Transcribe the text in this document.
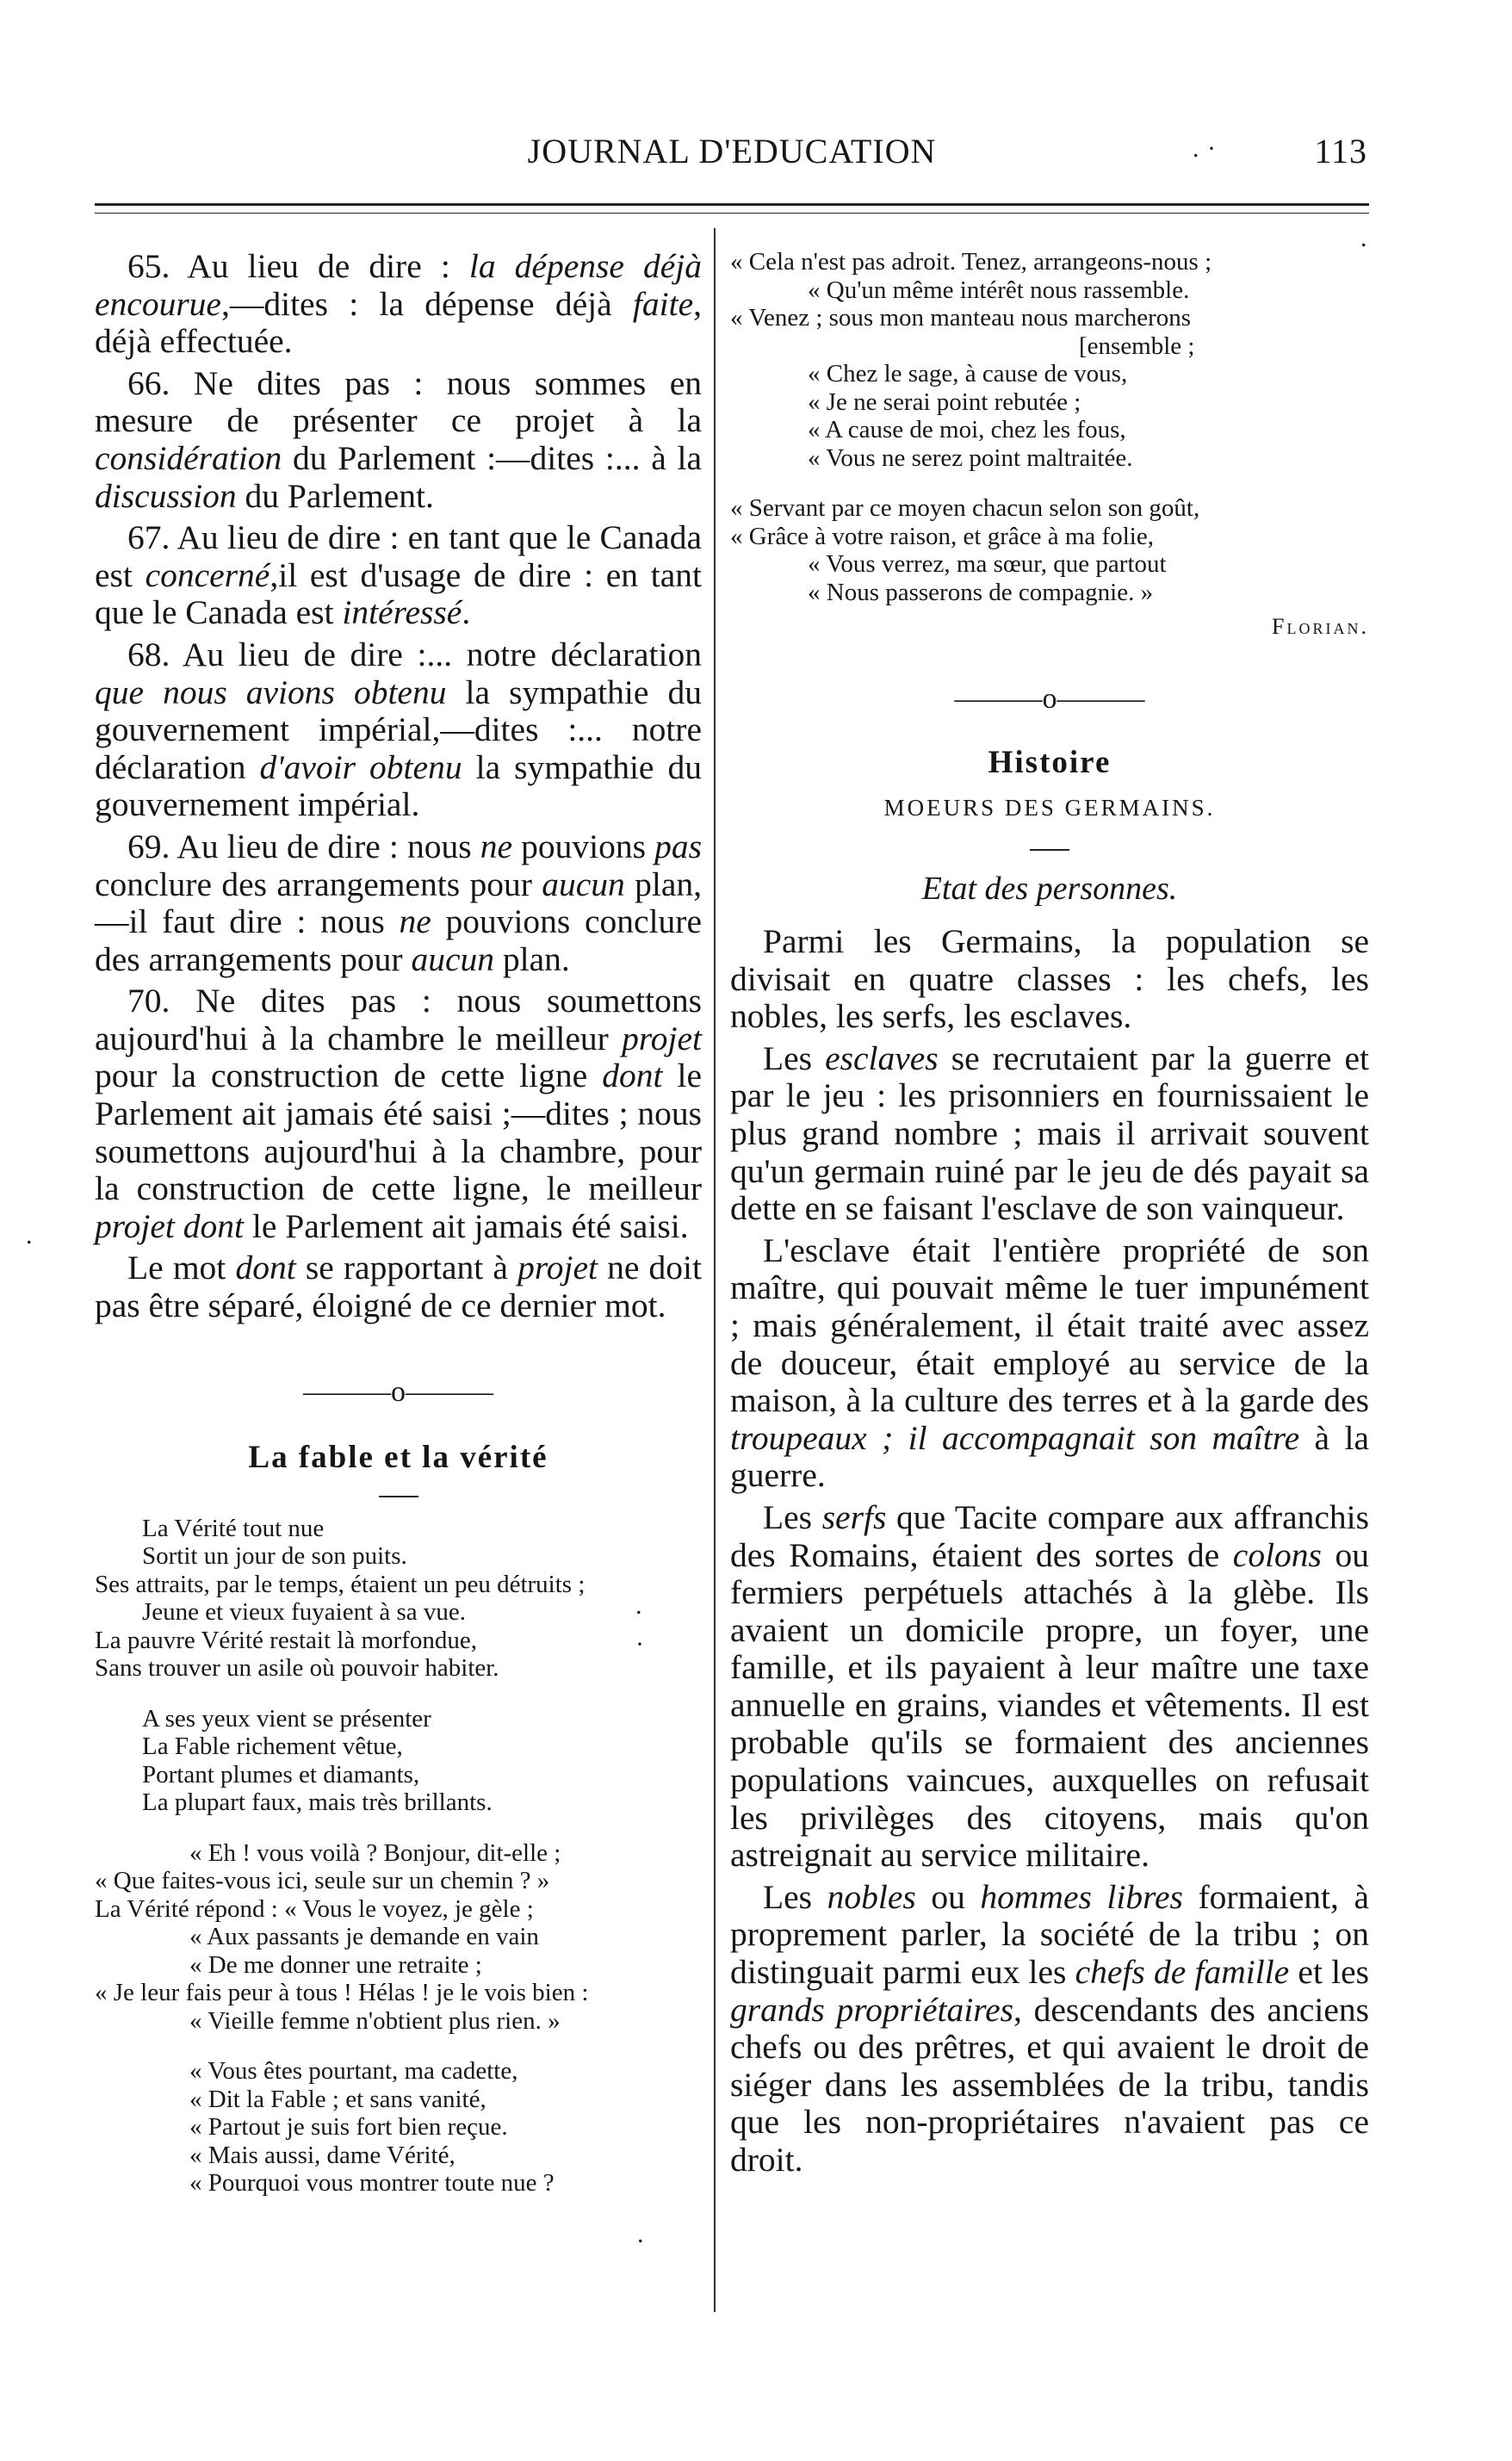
JOURNAL D'EDUCATION	113
. ·
.
.
·
.
.

65. Au lieu de dire : la dépense déjà encourue,—dites : la dépense déjà faite, déjà effectuée.

66. Ne dites pas : nous sommes en mesure de présenter ce projet à la considération du Parlement :—dites :... à la discussion du Parlement.

67. Au lieu de dire : en tant que le Canada est concerné,il est d'usage de dire : en tant que le Canada est intéressé.

68. Au lieu de dire :... notre déclaration que nous avions obtenu la sympathie du gouvernement impérial,—dites :... notre déclaration d'avoir obtenu la sympathie du gouvernement impérial.

69. Au lieu de dire : nous ne pouvions pas conclure des arrangements pour aucun plan,—il faut dire : nous ne pouvions conclure des arrangements pour aucun plan.

70. Ne dites pas : nous soumettons aujourd'hui à la chambre le meilleur projet pour la construction de cette ligne dont le Parlement ait jamais été saisi ;—dites ; nous soumettons aujourd'hui à la chambre, pour la construction de cette ligne, le meilleur projet dont le Parlement ait jamais été saisi.

Le mot dont se rapportant à projet ne doit pas être séparé, éloigné de ce dernier mot.

———o———

La fable et la vérité

La Vérité tout nue

Sortit un jour de son puits.

Ses attraits, par le temps, étaient un peu détruits ;

Jeune et vieux fuyaient à sa vue.

La pauvre Vérité restait là morfondue,

Sans trouver un asile où pouvoir habiter.

A ses yeux vient se présenter

La Fable richement vêtue,

Portant plumes et diamants,

La plupart faux, mais très brillants.

« Eh ! vous voilà ? Bonjour, dit-elle ;

« Que faites-vous ici, seule sur un chemin ? »

La Vérité répond : « Vous le voyez, je gèle ;

« Aux passants je demande en vain

« De me donner une retraite ;

« Je leur fais peur à tous ! Hélas ! je le vois bien :

« Vieille femme n'obtient plus rien. »

« Vous êtes pourtant, ma cadette,

« Dit la Fable ; et sans vanité,

« Partout je suis fort bien reçue.

« Mais aussi, dame Vérité,

« Pourquoi vous montrer toute nue ?

« Cela n'est pas adroit. Tenez, arrangeons-nous ;

« Qu'un même intérêt nous rassemble.

« Venez ; sous mon manteau nous marcherons

[ensemble ;

« Chez le sage, à cause de vous,

« Je ne serai point rebutée ;

« A cause de moi, chez les fous,

« Vous ne serez point maltraitée.

« Servant par ce moyen chacun selon son goût,

« Grâce à votre raison, et grâce à ma folie,

« Vous verrez, ma sœur, que partout

« Nous passerons de compagnie. »

Florian.

———o———

Histoire

MOEURS DES GERMAINS.

Etat des personnes.

Parmi les Germains, la population se divisait en quatre classes : les chefs, les nobles, les serfs, les esclaves.

Les esclaves se recrutaient par la guerre et par le jeu : les prisonniers en fournissaient le plus grand nombre ; mais il arrivait souvent qu'un germain ruiné par le jeu de dés payait sa dette en se faisant l'esclave de son vainqueur.

L'esclave était l'entière propriété de son maître, qui pouvait même le tuer impunément ; mais généralement, il était traité avec assez de douceur, était employé au service de la maison, à la culture des terres et à la garde des troupeaux ; il accompagnait son maître à la guerre.

Les serfs que Tacite compare aux affranchis des Romains, étaient des sortes de colons ou fermiers perpétuels attachés à la glèbe. Ils avaient un domicile propre, un foyer, une famille, et ils payaient à leur maître une taxe annuelle en grains, viandes et vêtements. Il est probable qu'ils se formaient des anciennes populations vaincues, auxquelles on refusait les privilèges des citoyens, mais qu'on astreignait au service militaire.

Les nobles ou hommes libres formaient, à proprement parler, la société de la tribu ; on distinguait parmi eux les chefs de famille et les grands propriétaires, descendants des anciens chefs ou des prêtres, et qui avaient le droit de siéger dans les assemblées de la tribu, tandis que les non-propriétaires n'avaient pas ce droit.
